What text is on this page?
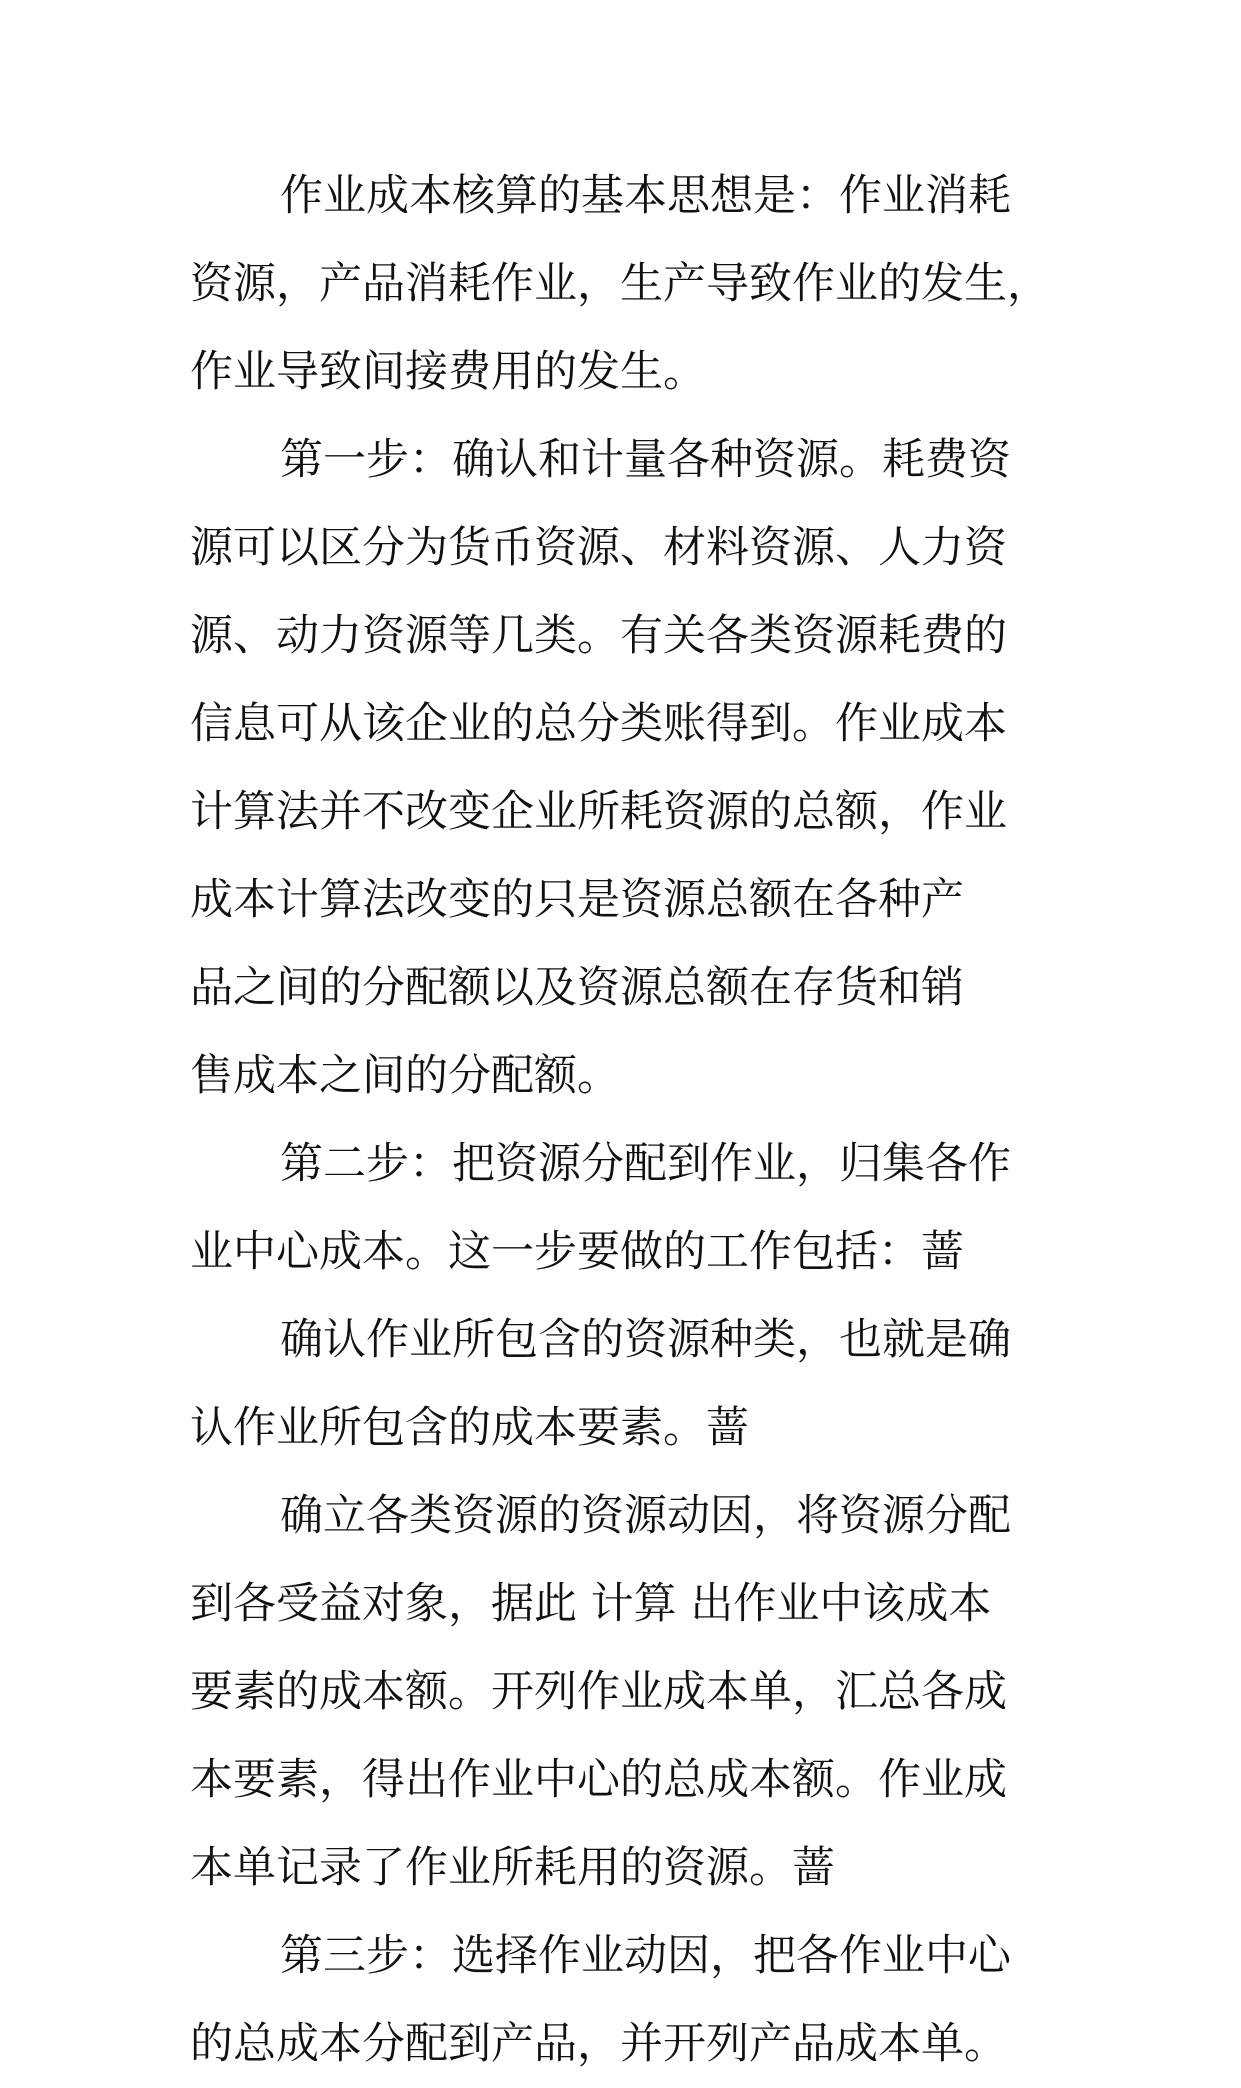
作业成本核算的基本思想是：作业消耗
资源，产品消耗作业，生产导致作业的发生，
作业导致间接费用的发生。
第一步：确认和计量各种资源。耗费资
源可以区分为货币资源、材料资源、人力资
源、动力资源等几类。有关各类资源耗费的
信息可从该企业的总分类账得到。作业成本
计算法并不改变企业所耗资源的总额，作业
成本计算法改变的只是资源总额在各种产
品之间的分配额以及资源总额在存货和销
售成本之间的分配额。
第二步：把资源分配到作业，归集各作
业中心成本。这一步要做的工作包括：蔷
确认作业所包含的资源种类，也就是确
认作业所包含的成本要素。蔷
确立各类资源的资源动因，将资源分配
到各受益对象，据此 计算 出作业中该成本
要素的成本额。开列作业成本单，汇总各成
本要素，得出作业中心的总成本额。作业成
本单记录了作业所耗用的资源。蔷
第三步：选择作业动因，把各作业中心
的总成本分配到产品，并开列产品成本单。
